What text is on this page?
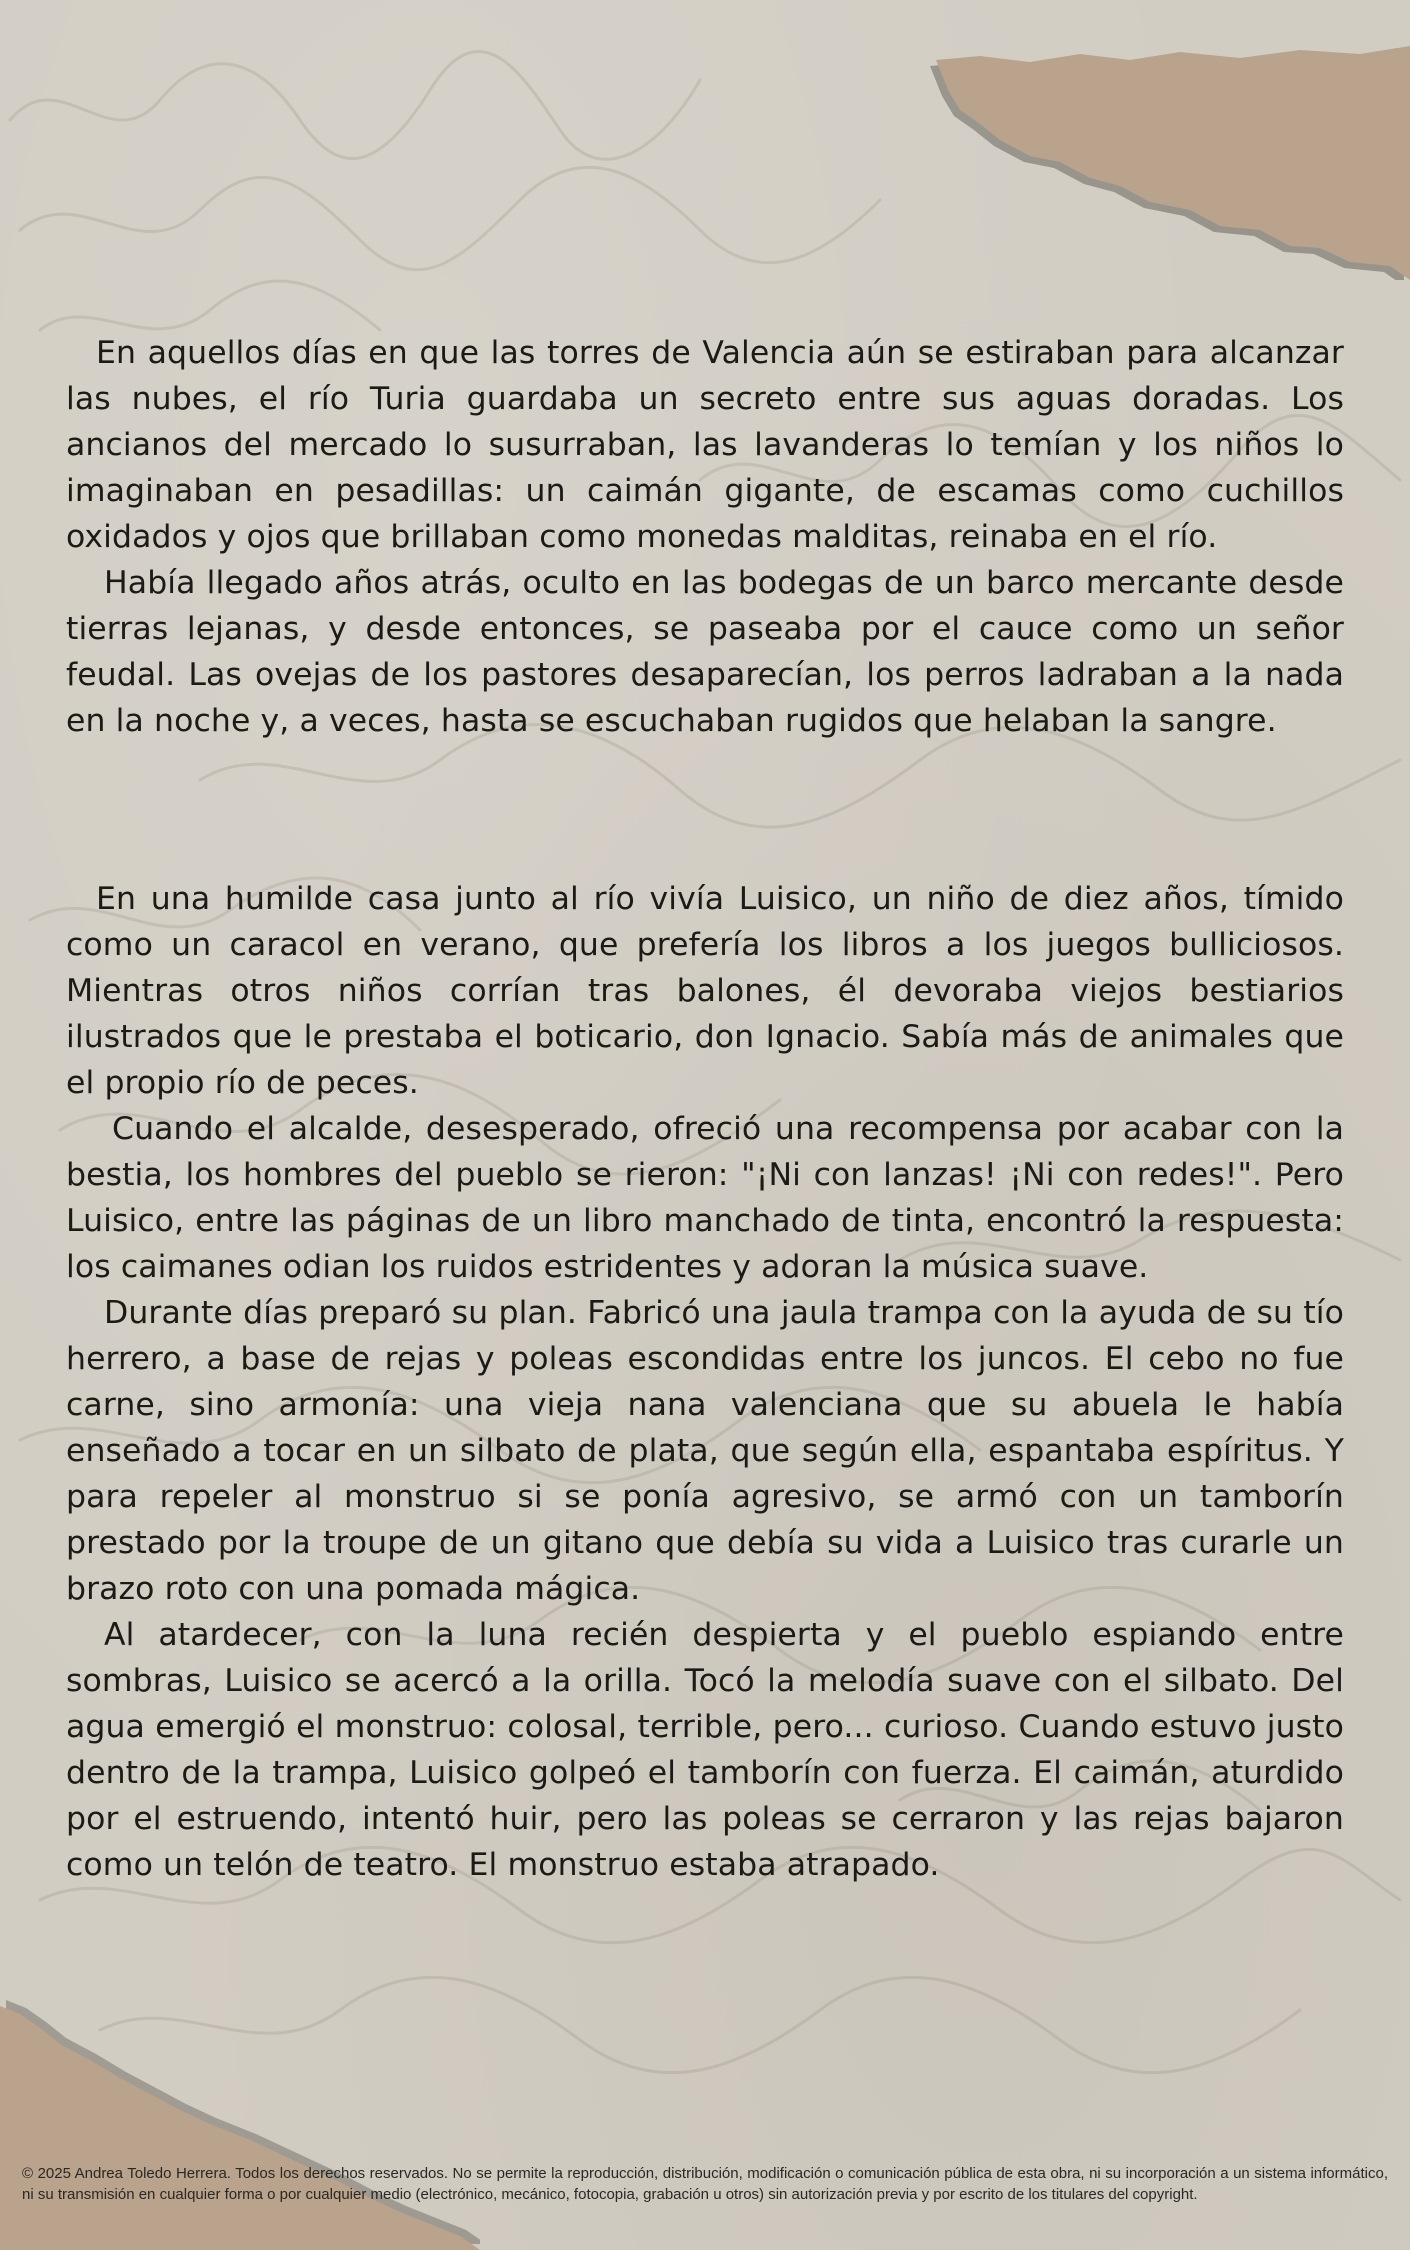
En aquellos días en que las torres de Valencia aún se estiraban para alcanzar las nubes, el río Turia guardaba un secreto entre sus aguas doradas. Los ancianos del mercado lo susurraban, las lavanderas lo temían y los niños lo imaginaban en pesadillas: un caimán gigante, de escamas como cuchillos oxidados y ojos que brillaban como monedas malditas, reinaba en el río.

Había llegado años atrás, oculto en las bodegas de un barco mercante desde tierras lejanas, y desde entonces, se paseaba por el cauce como un señor feudal. Las ovejas de los pastores desaparecían, los perros ladraban a la nada en la noche y, a veces, hasta se escuchaban rugidos que helaban la sangre.

En una humilde casa junto al río vivía Luisico, un niño de diez años, tímido como un caracol en verano, que prefería los libros a los juegos bulliciosos. Mientras otros niños corrían tras balones, él devoraba viejos bestiarios ilustrados que le prestaba el boticario, don Ignacio. Sabía más de animales que el propio río de peces.

Cuando el alcalde, desesperado, ofreció una recompensa por acabar con la bestia, los hombres del pueblo se rieron: "¡Ni con lanzas! ¡Ni con redes!". Pero Luisico, entre las páginas de un libro manchado de tinta, encontró la respuesta: los caimanes odian los ruidos estridentes y adoran la música suave.

Durante días preparó su plan. Fabricó una jaula trampa con la ayuda de su tío herrero, a base de rejas y poleas escondidas entre los juncos. El cebo no fue carne, sino armonía: una vieja nana valenciana que su abuela le había enseñado a tocar en un silbato de plata, que según ella, espantaba espíritus. Y para repeler al monstruo si se ponía agresivo, se armó con un tamborín prestado por la troupe de un gitano que debía su vida a Luisico tras curarle un brazo roto con una pomada mágica.

Al atardecer, con la luna recién despierta y el pueblo espiando entre sombras, Luisico se acercó a la orilla. Tocó la melodía suave con el silbato. Del agua emergió el monstruo: colosal, terrible, pero... curioso. Cuando estuvo justo dentro de la trampa, Luisico golpeó el tamborín con fuerza. El caimán, aturdido por el estruendo, intentó huir, pero las poleas se cerraron y las rejas bajaron como un telón de teatro. El monstruo estaba atrapado.

© 2025 Andrea Toledo Herrera. Todos los derechos reservados. No se permite la reproducción, distribución, modificación o comunicación pública de esta obra, ni su incorporación a un sistema informático, ni su transmisión en cualquier forma o por cualquier medio (electrónico, mecánico, fotocopia, grabación u otros) sin autorización previa y por escrito de los titulares del copyright.
